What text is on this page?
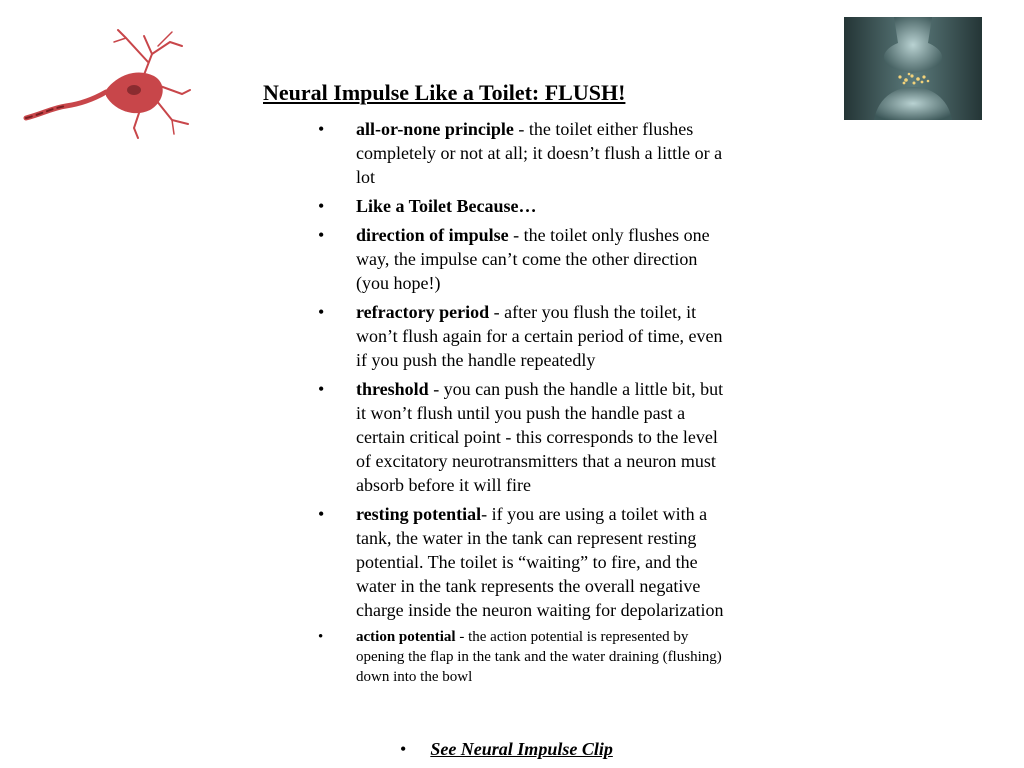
Neural Impulse Like a Toilet: FLUSH!
• all-or-none principle - the toilet either flushes completely or not at all; it doesn’t flush a little or a lot
• Like a Toilet Because…
• direction of impulse - the toilet only flushes one way, the impulse can’t come the other direction (you hope!)
• refractory period - after you flush the toilet, it won’t flush again for a certain period of time, even if you push the handle repeatedly
• threshold - you can push the handle a little bit, but it won’t flush until you push the handle past a certain critical point - this corresponds to the level of excitatory neurotransmitters that a neuron must absorb before it will fire
• resting potential- if you are using a toilet with a tank, the water in the tank can represent resting potential. The toilet is “waiting” to fire, and the water in the tank represents the overall negative charge inside the neuron waiting for depolarization
• action potential - the action potential is represented by opening the flap in the tank and the water draining (flushing) down into the bowl
• See Neural Impulse Clip
